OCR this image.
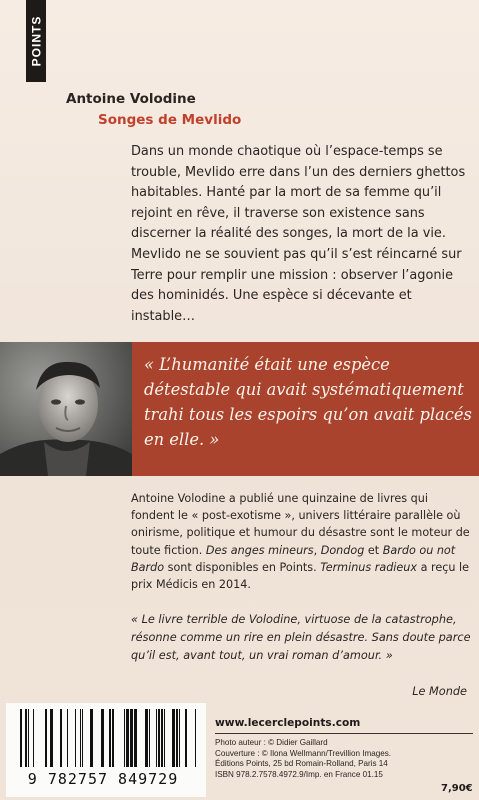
POINTS

Antoine Volodine

Songes de Mevlido

Dans un monde chaotique où l’espace-temps se trouble, Mevlido erre dans l’un des derniers ghettos habitables. Hanté par la mort de sa femme qu’il rejoint en rêve, il traverse son existence sans discerner la réalité des songes, la mort de la vie. Mevlido ne se souvient pas qu’il s’est réincarné sur Terre pour remplir une mission : observer l’agonie des hominidés. Une espèce si décevante et instable…

« L’humanité était une espèce détestable qui avait systématiquement trahi tous les espoirs qu’on avait placés en elle. »

Antoine Volodine a publié une quinzaine de livres qui fondent le « post-exotisme », univers littéraire parallèle où onirisme, politique et humour du désastre sont le moteur de toute fiction. Des anges mineurs, Dondog et Bardo ou not Bardo sont disponibles en Points. Terminus radieux a reçu le prix Médicis en 2014.

« Le livre terrible de Volodine, virtuose de la catastrophe, résonne comme un rire en plein désastre. Sans doute parce qu’il est, avant tout, un vrai roman d’amour. »

Le Monde

9 782757 849729

www.lecerclepoints.com

Photo auteur : © Didier Gaillard
Couverture : © Ilona Wellmann/Trevillion Images.
Éditions Points, 25 bd Romain-Rolland, Paris 14
ISBN 978.2.7578.4972.9/Imp. en France 01.15

7,90€
